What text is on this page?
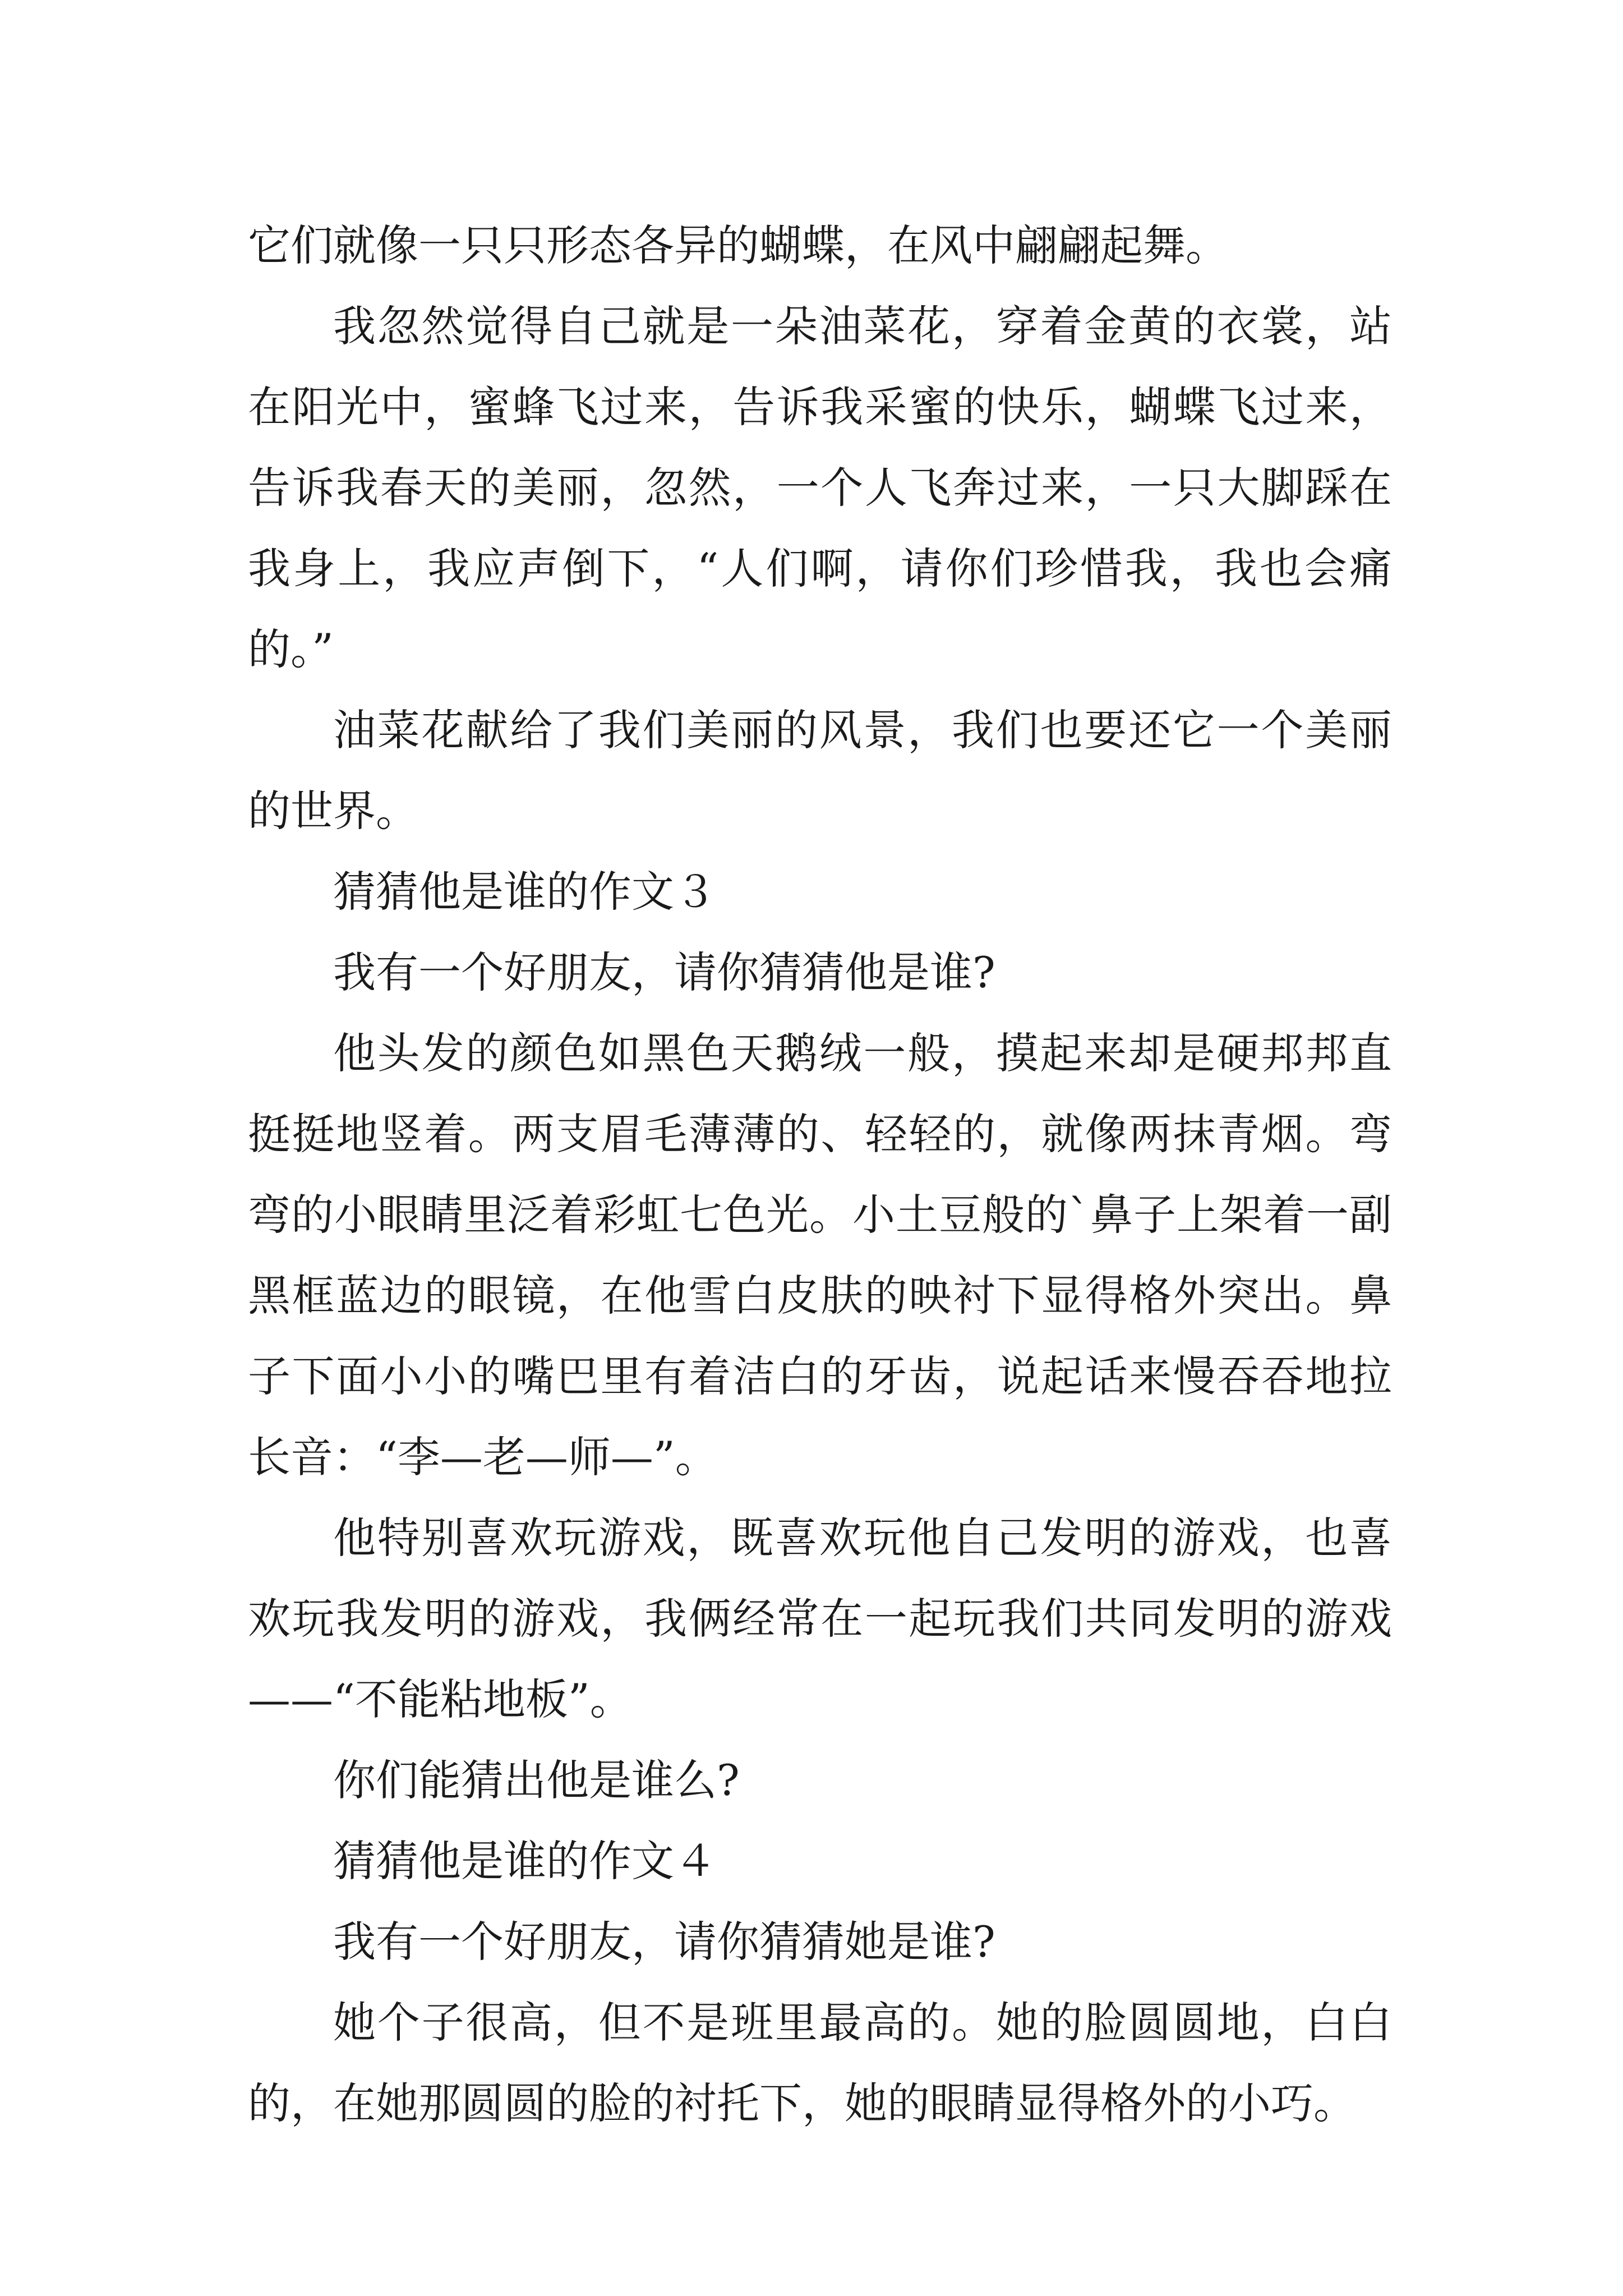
它们就像一只只形态各异的蝴蝶，在风中翩翩起舞。

我忽然觉得自己就是一朵油菜花，穿着金黄的衣裳，站在阳光中，蜜蜂飞过来，告诉我采蜜的快乐，蝴蝶飞过来，告诉我春天的美丽，忽然，一个人飞奔过来，一只大脚踩在我身上，我应声倒下，“人们啊，请你们珍惜我，我也会痛的。”

油菜花献给了我们美丽的风景，我们也要还它一个美丽的世界。

猜猜他是谁的作文３

我有一个好朋友，请你猜猜他是谁?

他头发的颜色如黑色天鹅绒一般，摸起来却是硬邦邦直挺挺地竖着。两支眉毛薄薄的、轻轻的，就像两抹青烟。弯弯的小眼睛里泛着彩虹七色光。小土豆般的`鼻子上架着一副黑框蓝边的眼镜，在他雪白皮肤的映衬下显得格外突出。鼻子下面小小的嘴巴里有着洁白的牙齿，说起话来慢吞吞地拉长音：“李—老—师—”。

他特别喜欢玩游戏，既喜欢玩他自己发明的游戏，也喜欢玩我发明的游戏，我俩经常在一起玩我们共同发明的游戏——“不能粘地板”。

你们能猜出他是谁么?

猜猜他是谁的作文４

我有一个好朋友，请你猜猜她是谁?

她个子很高，但不是班里最高的。她的脸圆圆地，白白的，在她那圆圆的脸的衬托下，她的眼睛显得格外的小巧。
